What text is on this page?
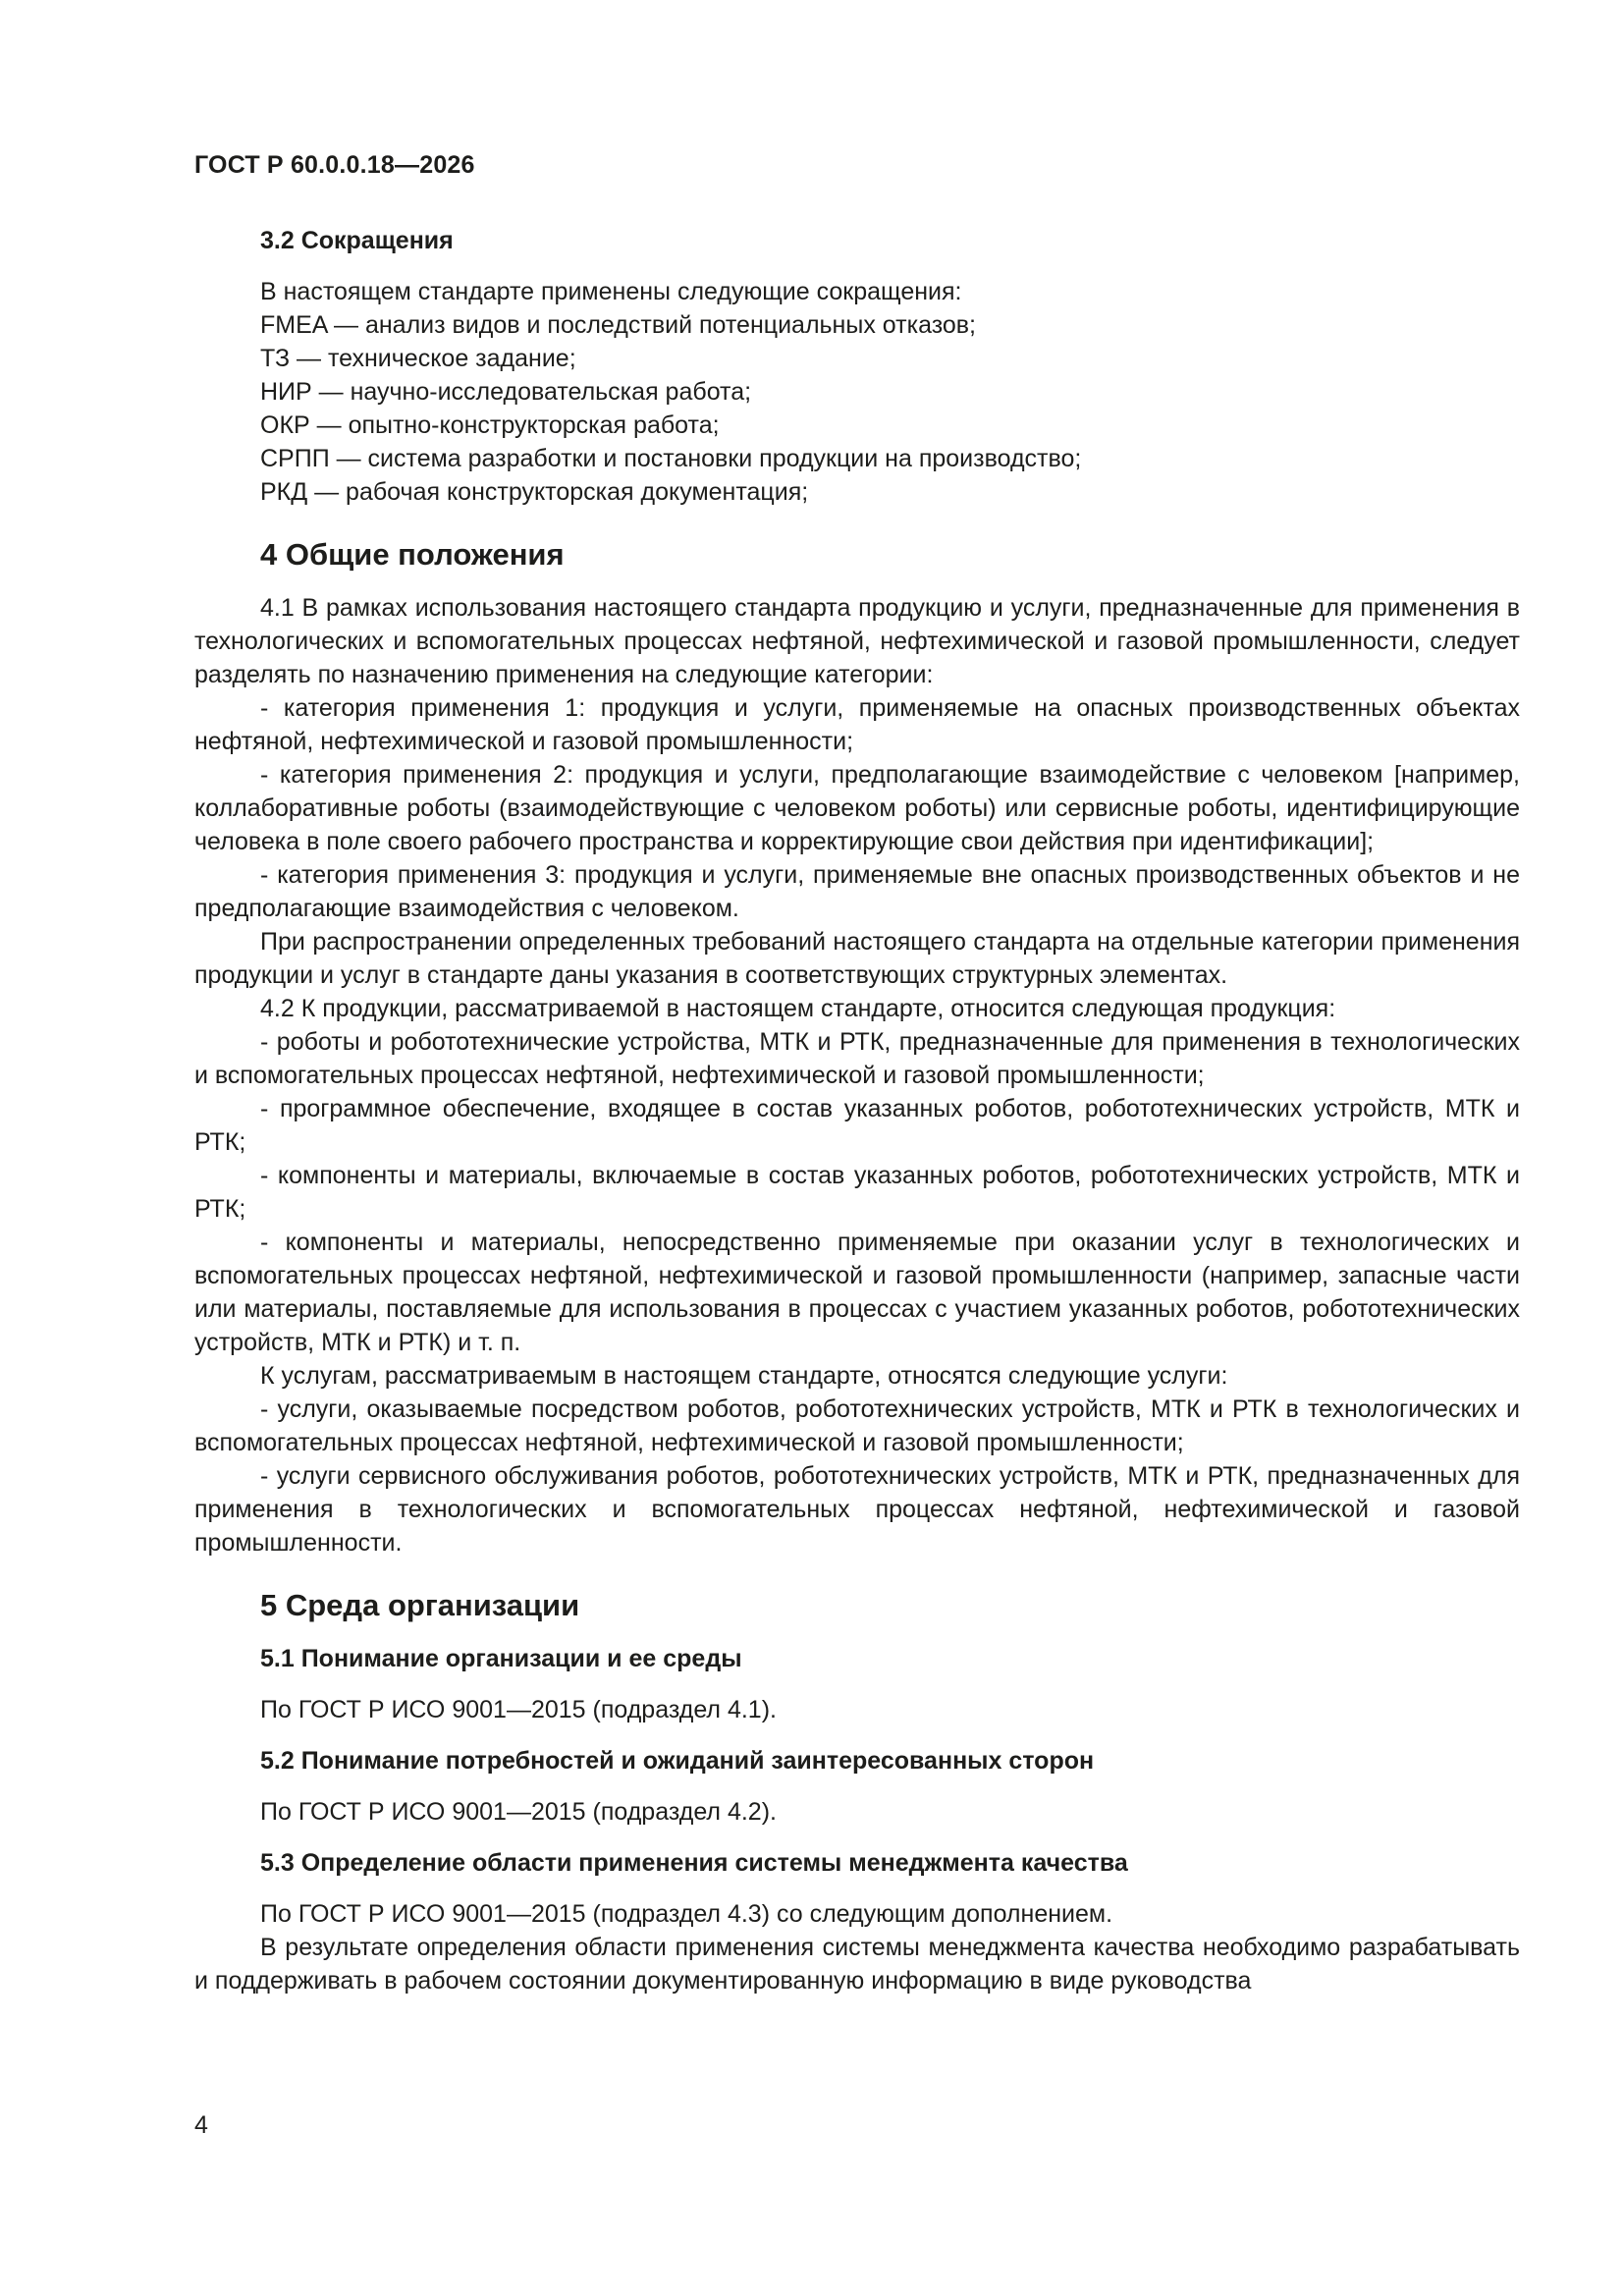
ГОСТ Р 60.0.0.18—2026
3.2 Сокращения
В настоящем стандарте применены следующие сокращения:
FMEA — анализ видов и последствий потенциальных отказов;
ТЗ — техническое задание;
НИР — научно-исследовательская работа;
ОКР — опытно-конструкторская работа;
СРПП — система разработки и постановки продукции на производство;
РКД — рабочая конструкторская документация;
4 Общие положения

4.1 В рамках использования настоящего стандарта продукцию и услуги, предназначенные для применения в технологических и вспомогательных процессах нефтяной, нефтехимической и газовой промышленности, следует разделять по назначению применения на следующие категории:

- категория применения 1: продукция и услуги, применяемые на опасных производственных объектах нефтяной, нефтехимической и газовой промышленности;

- категория применения 2: продукция и услуги, предполагающие взаимодействие с человеком [например, коллаборативные роботы (взаимодействующие с человеком роботы) или сервисные роботы, идентифицирующие человека в поле своего рабочего пространства и корректирующие свои действия при идентификации];

- категория применения 3: продукция и услуги, применяемые вне опасных производственных объектов и не предполагающие взаимодействия с человеком.

При распространении определенных требований настоящего стандарта на отдельные категории применения продукции и услуг в стандарте даны указания в соответствующих структурных элементах.

4.2 К продукции, рассматриваемой в настоящем стандарте, относится следующая продукция:

- роботы и робототехнические устройства, МТК и РТК, предназначенные для применения в технологических и вспомогательных процессах нефтяной, нефтехимической и газовой промышленности;

- программное обеспечение, входящее в состав указанных роботов, робототехнических устройств, МТК и РТК;

- компоненты и материалы, включаемые в состав указанных роботов, робототехнических устройств, МТК и РТК;

- компоненты и материалы, непосредственно применяемые при оказании услуг в технологических и вспомогательных процессах нефтяной, нефтехимической и газовой промышленности (например, запасные части или материалы, поставляемые для использования в процессах с участием указанных роботов, робототехнических устройств, МТК и РТК) и т. п.

К услугам, рассматриваемым в настоящем стандарте, относятся следующие услуги:

- услуги, оказываемые посредством роботов, робототехнических устройств, МТК и РТК в технологических и вспомогательных процессах нефтяной, нефтехимической и газовой промышленности;

- услуги сервисного обслуживания роботов, робототехнических устройств, МТК и РТК, предназначенных для применения в технологических и вспомогательных процессах нефтяной, нефтехимической и газовой промышленности.

5 Среда организации
5.1 Понимание организации и ее среды
По ГОСТ Р ИСО 9001—2015 (подраздел 4.1).
5.2 Понимание потребностей и ожиданий заинтересованных сторон
По ГОСТ Р ИСО 9001—2015 (подраздел 4.2).
5.3 Определение области применения системы менеджмента качества
По ГОСТ Р ИСО 9001—2015 (подраздел 4.3) со следующим дополнением.

В результате определения области применения системы менеджмента качества необходимо разрабатывать и поддерживать в рабочем состоянии документированную информацию в виде руководства

4
